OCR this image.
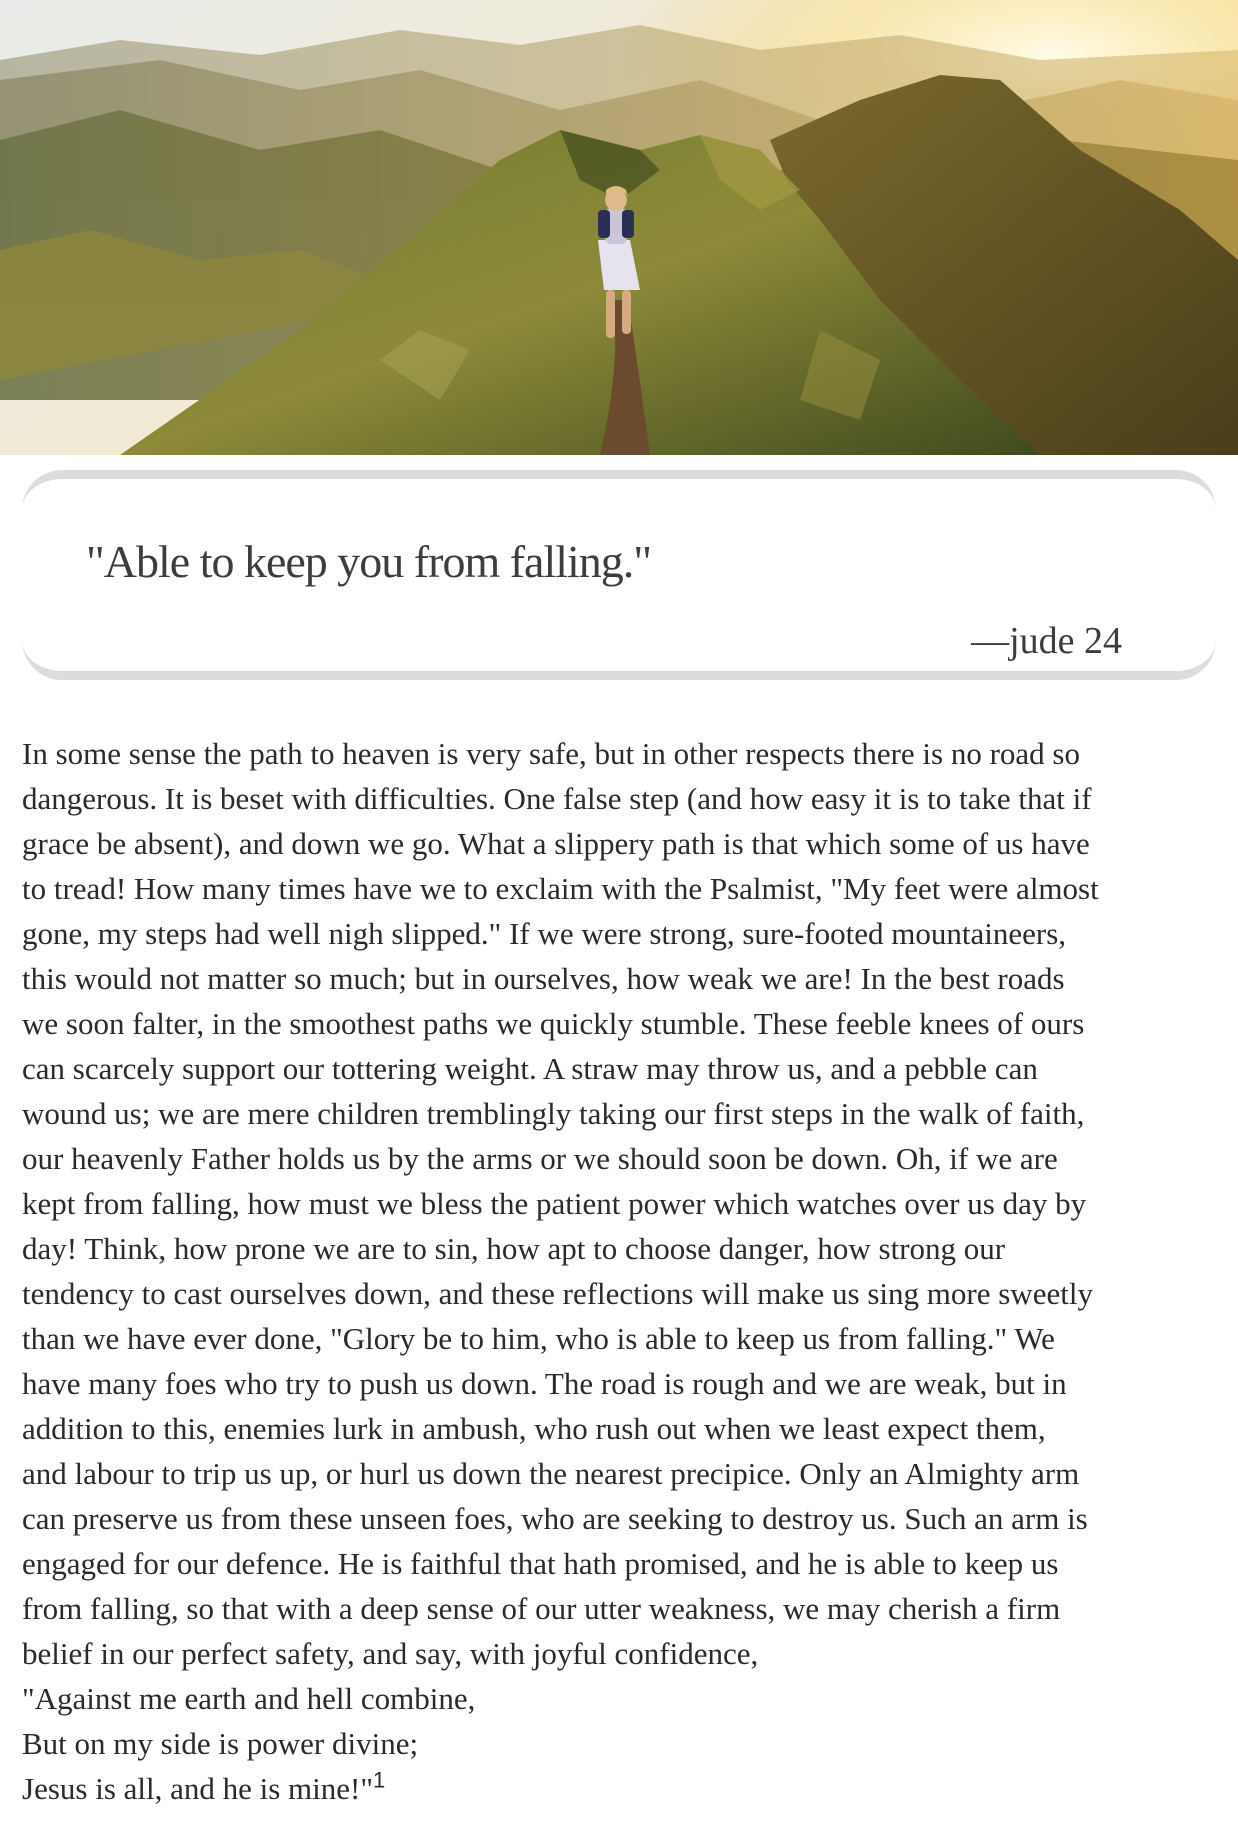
"Able to keep you from falling."
—jude 24
In some sense the path to heaven is very safe, but in other respects there is no road so
dangerous. It is beset with difficulties. One false step (and how easy it is to take that if
grace be absent), and down we go. What a slippery path is that which some of us have
to tread! How many times have we to exclaim with the Psalmist, "My feet were almost
gone, my steps had well nigh slipped." If we were strong, sure-footed mountaineers,
this would not matter so much; but in ourselves, how weak we are! In the best roads
we soon falter, in the smoothest paths we quickly stumble. These feeble knees of ours
can scarcely support our tottering weight. A straw may throw us, and a pebble can
wound us; we are mere children tremblingly taking our first steps in the walk of faith,
our heavenly Father holds us by the arms or we should soon be down. Oh, if we are
kept from falling, how must we bless the patient power which watches over us day by
day! Think, how prone we are to sin, how apt to choose danger, how strong our
tendency to cast ourselves down, and these reflections will make us sing more sweetly
than we have ever done, "Glory be to him, who is able to keep us from falling." We
have many foes who try to push us down. The road is rough and we are weak, but in
addition to this, enemies lurk in ambush, who rush out when we least expect them,
and labour to trip us up, or hurl us down the nearest precipice. Only an Almighty arm
can preserve us from these unseen foes, who are seeking to destroy us. Such an arm is
engaged for our defence. He is faithful that hath promised, and he is able to keep us
from falling, so that with a deep sense of our utter weakness, we may cherish a firm
belief in our perfect safety, and say, with joyful confidence,
"Against me earth and hell combine,
But on my side is power divine;
Jesus is all, and he is mine!"$^1$
